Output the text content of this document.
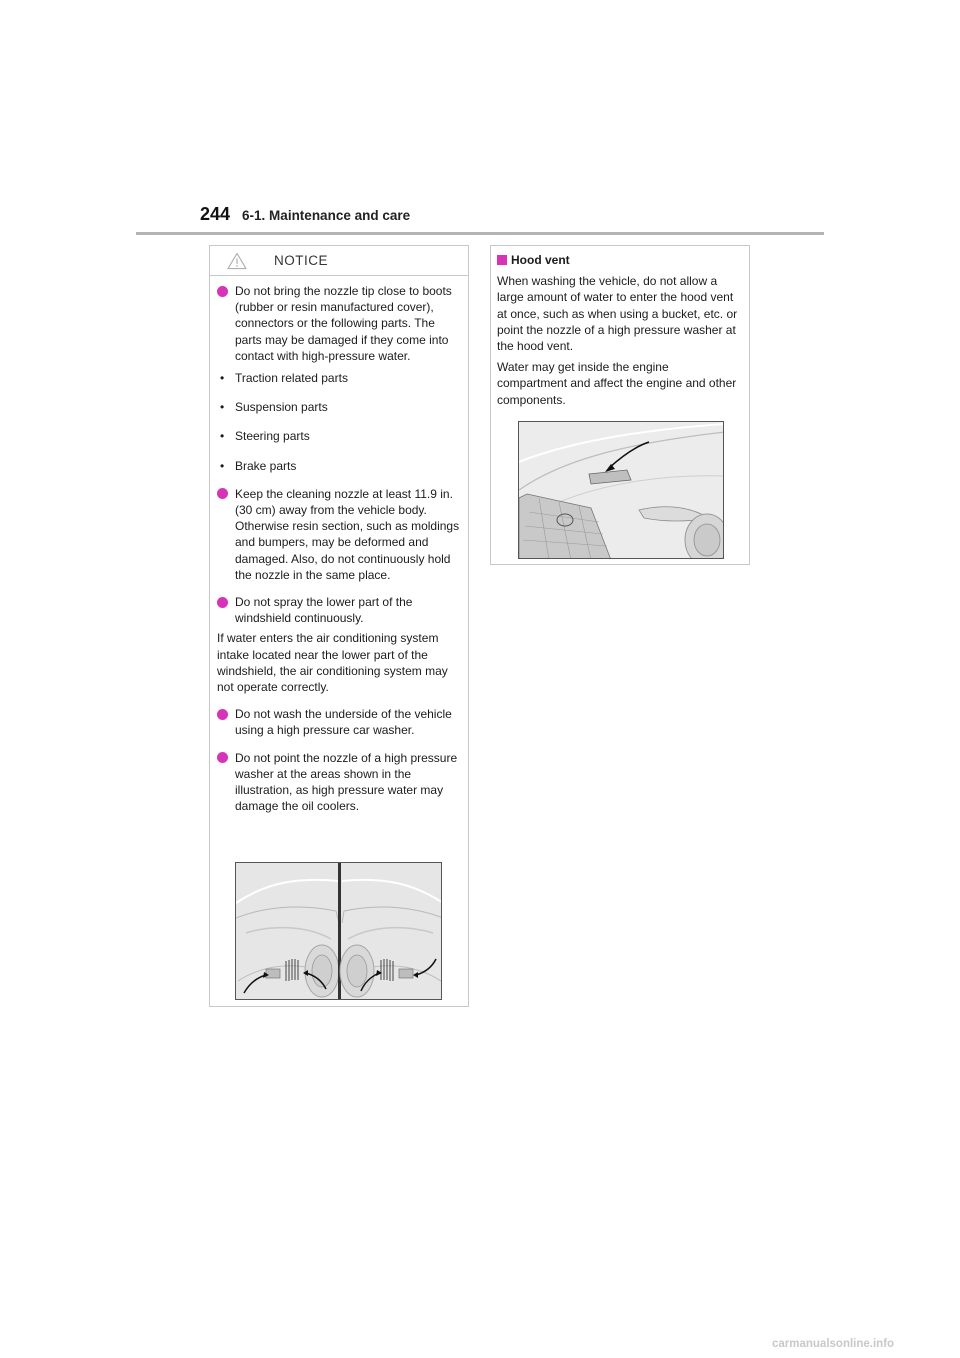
244 6-1. Maintenance and care
NOTICE
Do not bring the nozzle tip close to boots (rubber or resin manufactured cover), connectors or the following parts. The parts may be damaged if they come into contact with high-pressure water.
• Traction related parts
• Suspension parts
• Steering parts
• Brake parts
Keep the cleaning nozzle at least 11.9 in. (30 cm) away from the vehicle body. Otherwise resin section, such as moldings and bumpers, may be deformed and damaged. Also, do not continuously hold the nozzle in the same place.
Do not spray the lower part of the windshield continuously.

If water enters the air conditioning system intake located near the lower part of the windshield, the air conditioning system may not operate correctly.

Do not wash the underside of the vehicle using a high pressure car washer.
Do not point the nozzle of a high pressure washer at the areas shown in the illustration, as high pressure water may damage the oil coolers.
Hood vent

When washing the vehicle, do not allow a large amount of water to enter the hood vent at once, such as when using a bucket, etc. or point the nozzle of a high pressure washer at the hood vent.

Water may get inside the engine compartment and affect the engine and other components.

carmanualsonline.info
